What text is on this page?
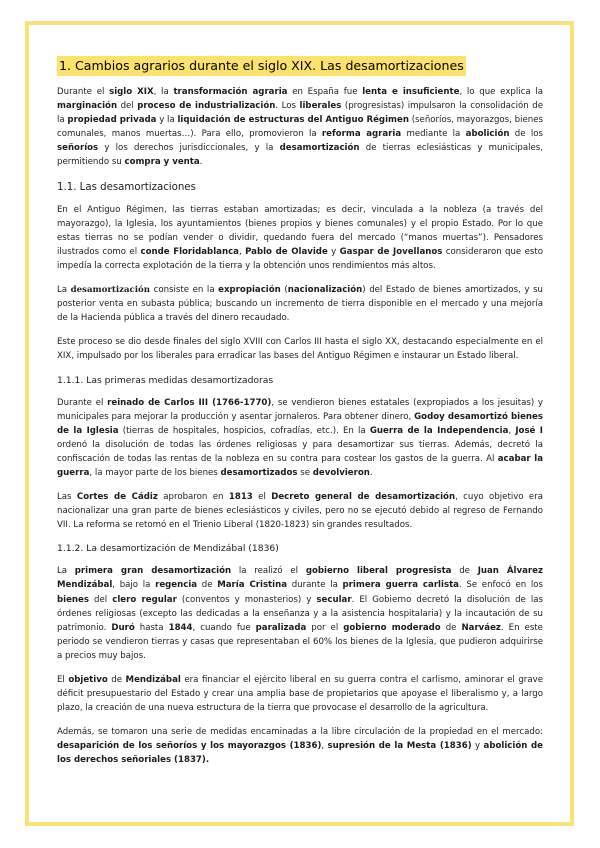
1. Cambios agrarios durante el siglo XIX. Las desamortizaciones

Durante el siglo XIX, la transformación agraria en España fue lenta e insuficiente, lo que explica la marginación del proceso de industrialización. Los liberales (progresistas) impulsaron la consolidación de la propiedad privada y la liquidación de estructuras del Antiguo Régimen (señoríos, mayorazgos, bienes comunales, manos muertas…). Para ello, promovieron la reforma agraria mediante la abolición de los señoríos y los derechos jurisdiccionales, y la desamortización de tierras eclesiásticas y municipales, permitiendo su compra y venta.

1.1. Las desamortizaciones

En el Antiguo Régimen, las tierras estaban amortizadas; es decir, vinculada a la nobleza (a través del mayorazgo), la Iglesia, los ayuntamientos (bienes propios y bienes comunales) y el propio Estado. Por lo que estas tierras no se podían vender o dividir, quedando fuera del mercado (“manos muertas”). Pensadores ilustrados como el conde Floridablanca, Pablo de Olavide y Gaspar de Jovellanos consideraron que esto impedía la correcta explotación de la tierra y la obtención unos rendimientos más altos.

La desamortización consiste en la expropiación (nacionalización) del Estado de bienes amortizados, y su posterior venta en subasta pública; buscando un incremento de tierra disponible en el mercado y una mejoría de la Hacienda pública a través del dinero recaudado.

Este proceso se dio desde finales del siglo XVIII con Carlos III hasta el siglo XX, destacando especialmente en el XIX, impulsado por los liberales para erradicar las bases del Antiguo Régimen e instaurar un Estado liberal.

1.1.1. Las primeras medidas desamortizadoras

Durante el reinado de Carlos III (1766-1770), se vendieron bienes estatales (expropiados a los jesuitas) y municipales para mejorar la producción y asentar jornaleros. Para obtener dinero, Godoy desamortizó bienes de la Iglesia (tierras de hospitales, hospicios, cofradías, etc.). En la Guerra de la Independencia, José I ordenó la disolución de todas las órdenes religiosas y para desamortizar sus tierras. Además, decretó la confiscación de todas las rentas de la nobleza en su contra para costear los gastos de la guerra. Al acabar la guerra, la mayor parte de los bienes desamortizados se devolvieron.

Las Cortes de Cádiz aprobaron en 1813 el Decreto general de desamortización, cuyo objetivo era nacionalizar una gran parte de bienes eclesiásticos y civiles, pero no se ejecutó debido al regreso de Fernando VII. La reforma se retomó en el Trienio Liberal (1820-1823) sin grandes resultados.

1.1.2. La desamortización de Mendizábal (1836)

La primera gran desamortización la realizó el gobierno liberal progresista de Juan Álvarez Mendizábal, bajo la regencia de María Cristina durante la primera guerra carlista. Se enfocó en los bienes del clero regular (conventos y monasterios) y secular. El Gobierno decretó la disolución de las órdenes religiosas (excepto las dedicadas a la enseñanza y a la asistencia hospitalaria) y la incautación de su patrimonio. Duró hasta 1844, cuando fue paralizada por el gobierno moderado de Narváez. En este periodo se vendieron tierras y casas que representaban el 60% los bienes de la Iglesia, que pudieron adquirirse a precios muy bajos.

El objetivo de Mendizábal era financiar el ejército liberal en su guerra contra el carlismo, aminorar el grave déficit presupuestario del Estado y crear una amplia base de propietarios que apoyase el liberalismo y, a largo plazo, la creación de una nueva estructura de la tierra que provocase el desarrollo de la agricultura.

Además, se tomaron una serie de medidas encaminadas a la libre circulación de la propiedad en el mercado: desaparición de los señoríos y los mayorazgos (1836), supresión de la Mesta (1836) y abolición de los derechos señoriales (1837).
